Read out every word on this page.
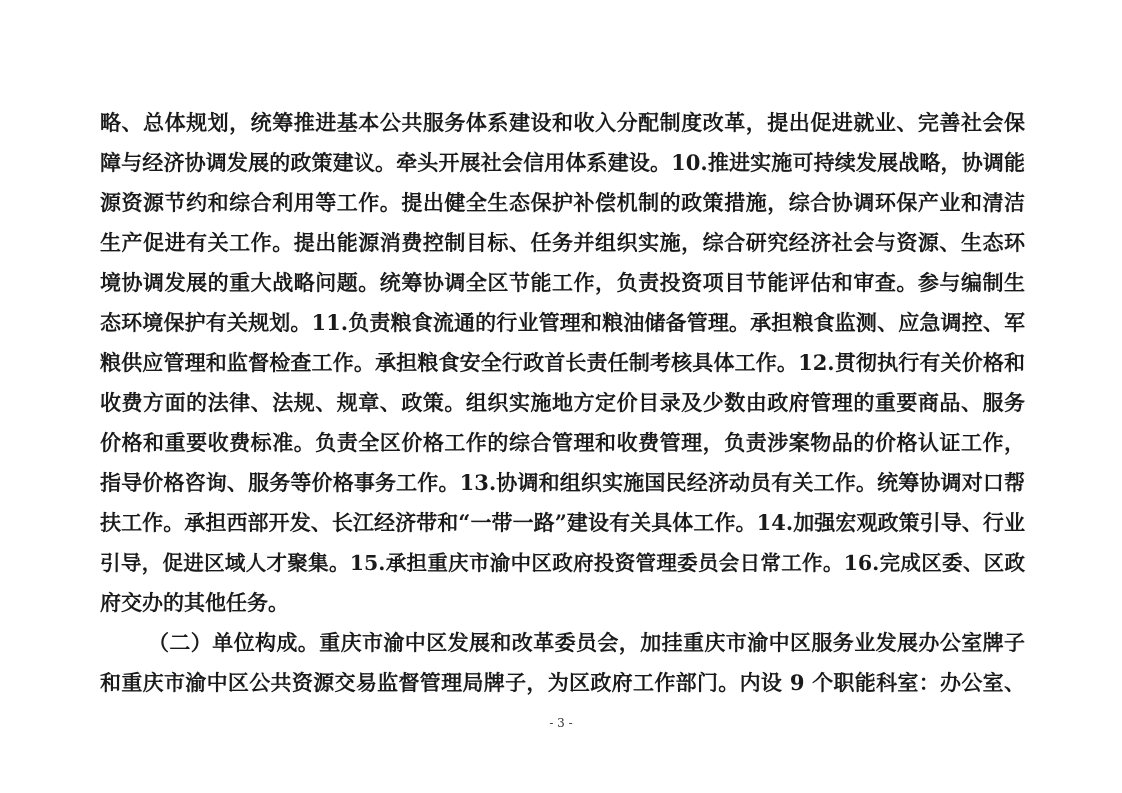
略、总体规划，统筹推进基本公共服务体系建设和收入分配制度改革，提出促进就业、完善社会保
障与经济协调发展的政策建议。牵头开展社会信用体系建设。10.推进实施可持续发展战略，协调能
源资源节约和综合利用等工作。提出健全生态保护补偿机制的政策措施，综合协调环保产业和清洁
生产促进有关工作。提出能源消费控制目标、任务并组织实施，综合研究经济社会与资源、生态环
境协调发展的重大战略问题。统筹协调全区节能工作，负责投资项目节能评估和审查。参与编制生
态环境保护有关规划。11.负责粮食流通的行业管理和粮油储备管理。承担粮食监测、应急调控、军
粮供应管理和监督检查工作。承担粮食安全行政首长责任制考核具体工作。12.贯彻执行有关价格和
收费方面的法律、法规、规章、政策。组织实施地方定价目录及少数由政府管理的重要商品、服务
价格和重要收费标准。负责全区价格工作的综合管理和收费管理，负责涉案物品的价格认证工作，
指导价格咨询、服务等价格事务工作。13.协调和组织实施国民经济动员有关工作。统筹协调对口帮
扶工作。承担西部开发、长江经济带和“一带一路”建设有关具体工作。14.加强宏观政策引导、行业
引导，促进区域人才聚集。15.承担重庆市渝中区政府投资管理委员会日常工作。16.完成区委、区政
府交办的其他任务。
（二）单位构成。重庆市渝中区发展和改革委员会，加挂重庆市渝中区服务业发展办公室牌子
和重庆市渝中区公共资源交易监督管理局牌子，为区政府工作部门。内设 9 个职能科室：办公室、
- 3 -
